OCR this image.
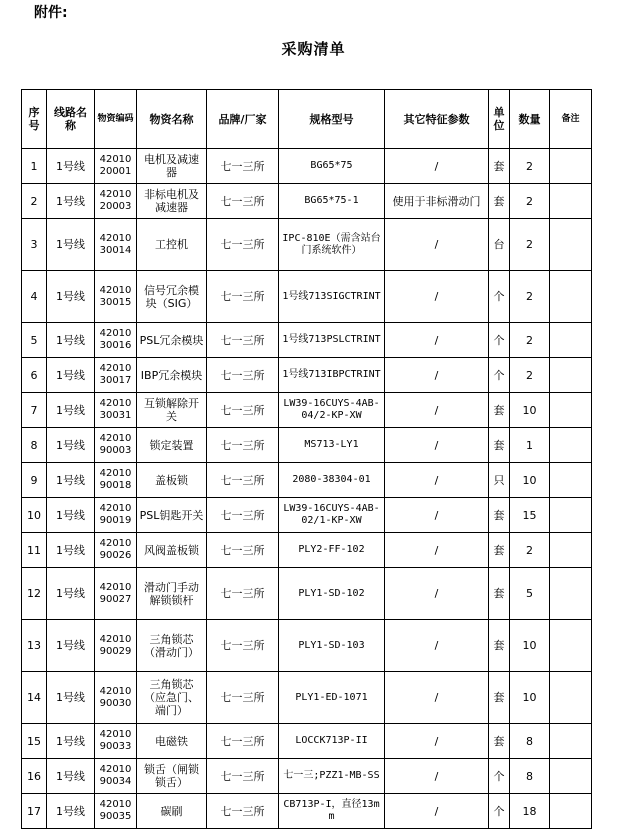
附件:
采购清单
序号	线路名称	物资编码	物资名称	品牌/厂家	规格型号	其它特征参数	单位	数量	备注
1	1号线	4201020001	电机及减速器	七一三所	BG65*75	/	套	2	
2	1号线	4201020003	非标电机及减速器	七一三所	BG65*75-1	使用于非标滑动门	套	2	
3	1号线	4201030014	工控机	七一三所	IPC-810E（需含站台门系统软件）	/	台	2	
4	1号线	4201030015	信号冗余模块（SIG）	七一三所	1号线713SIGCTRINT	/	个	2	
5	1号线	4201030016	PSL冗余模块	七一三所	1号线713PSLCTRINT	/	个	2	
6	1号线	4201030017	IBP冗余模块	七一三所	1号线713IBPCTRINT	/	个	2	
7	1号线	4201030031	互锁解除开关	七一三所	LW39-16CUYS-4AB-04/2-KP-XW	/	套	10	
8	1号线	4201090003	锁定装置	七一三所	MS713-LY1	/	套	1	
9	1号线	4201090018	盖板锁	七一三所	2080-38304-01	/	只	10	
10	1号线	4201090019	PSL钥匙开关	七一三所	LW39-16CUYS-4AB-02/1-KP-XW	/	套	15	
11	1号线	4201090026	风阀盖板锁	七一三所	PLY2-FF-102	/	套	2	
12	1号线	4201090027	滑动门手动解锁锁杆	七一三所	PLY1-SD-102	/	套	5	
13	1号线	4201090029	三角锁芯（滑动门）	七一三所	PLY1-SD-103	/	套	10	
14	1号线	4201090030	三角锁芯（应急门、端门）	七一三所	PLY1-ED-1071	/	套	10	
15	1号线	4201090033	电磁铁	七一三所	LOCCK713P-II	/	套	8	
16	1号线	4201090034	锁舌（闸锁锁舌）	七一三所	七一三;PZZ1-MB-SS	/	个	8	
17	1号线	4201090035	碳刷	七一三所	CB713P-I，直径13mm	/	个	18	
